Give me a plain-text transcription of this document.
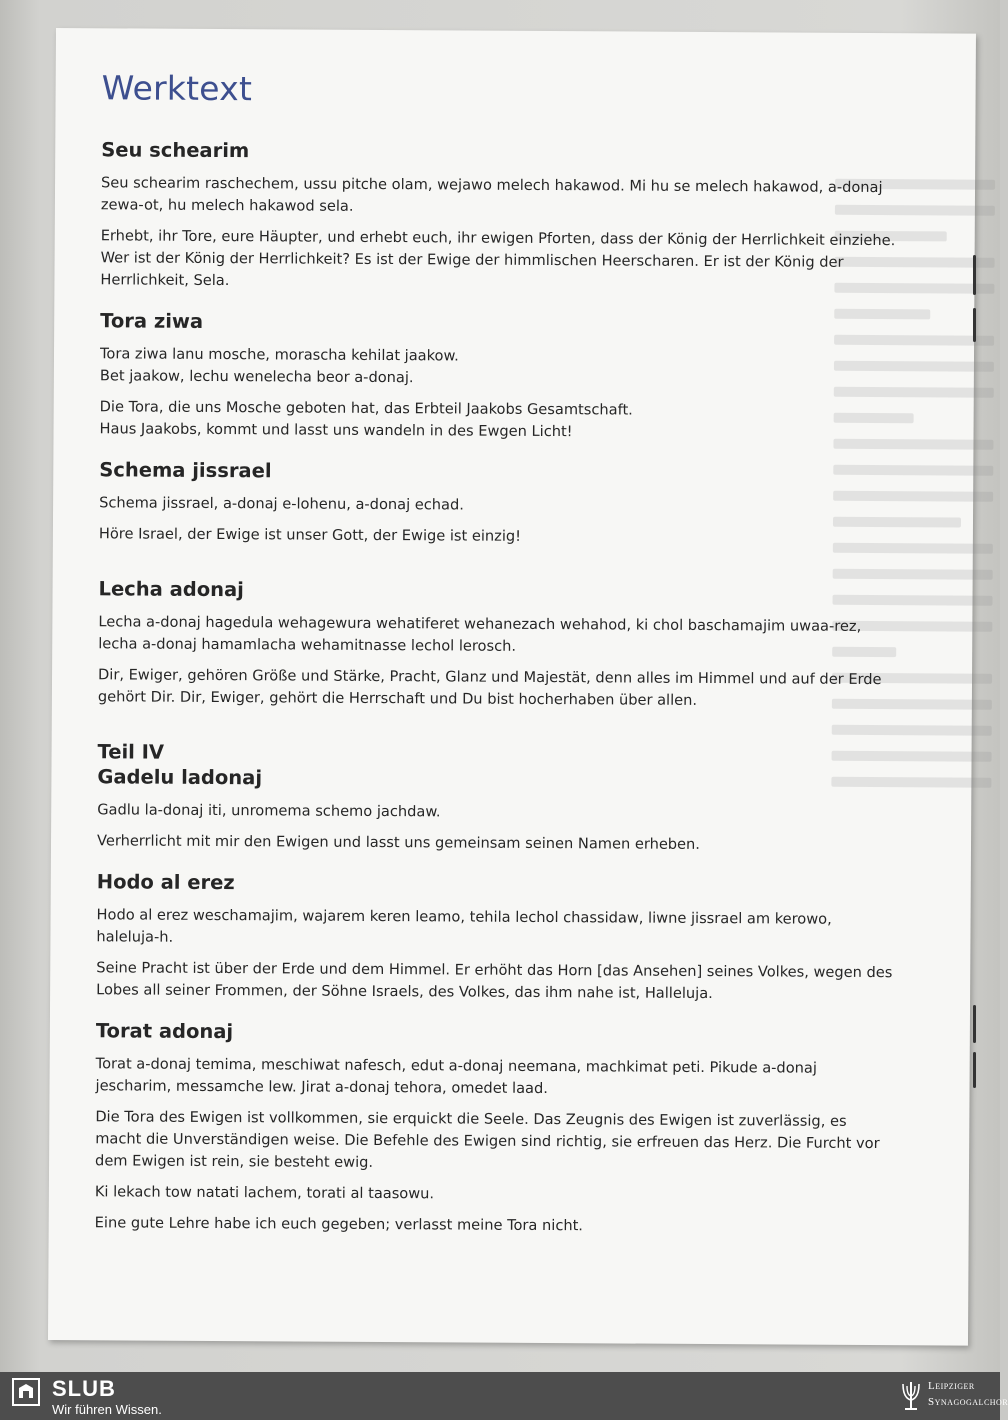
Werktext
Seu schearim

Seu schearim raschechem, ussu pitche olam, wejawo melech hakawod. Mi hu se melech hakawod, a-donaj zewa-ot, hu melech hakawod sela.

Erhebt, ihr Tore, eure Häupter, und erhebt euch, ihr ewigen Pforten, dass der König der Herrlichkeit einziehe. Wer ist der König der Herrlichkeit? Es ist der Ewige der himmlischen Heerscharen. Er ist der König der Herrlichkeit, Sela.

Tora ziwa

Tora ziwa lanu mosche, morascha kehilat jaakow.
Bet jaakow, lechu wenelecha beor a-donaj.

Die Tora, die uns Mosche geboten hat, das Erbteil Jaakobs Gesamtschaft.
Haus Jaakobs, kommt und lasst uns wandeln in des Ewgen Licht!

Schema jissrael

Schema jissrael, a-donaj e-lohenu, a-donaj echad.

Höre Israel, der Ewige ist unser Gott, der Ewige ist einzig!

Lecha adonaj

Lecha a-donaj hagedula wehagewura wehatiferet wehanezach wehahod, ki chol baschamajim uwaa-rez, lecha a-donaj hamamlacha wehamitnasse lechol lerosch.

Dir, Ewiger, gehören Größe und Stärke, Pracht, Glanz und Majestät, denn alles im Himmel und auf der Erde gehört Dir. Dir, Ewiger, gehört die Herrschaft und Du bist hocherhaben über allen.

Teil IV
Gadelu ladonaj

Gadlu la-donaj iti, unromema schemo jachdaw.

Verherrlicht mit mir den Ewigen und lasst uns gemeinsam seinen Namen erheben.

Hodo al erez

Hodo al erez weschamajim, wajarem keren leamo, tehila lechol chassidaw, liwne jissrael am kerowo, haleluja-h.

Seine Pracht ist über der Erde und dem Himmel. Er erhöht das Horn [das Ansehen] seines Volkes, wegen des Lobes all seiner Frommen, der Söhne Israels, des Volkes, das ihm nahe ist, Halleluja.

Torat adonaj

Torat a-donaj temima, meschiwat nafesch, edut a-donaj neemana, machkimat peti. Pikude a-donaj jescharim, messamche lew. Jirat a-donaj tehora, omedet laad.

Die Tora des Ewigen ist vollkommen, sie erquickt die Seele. Das Zeugnis des Ewigen ist zuverlässig, es macht die Unverständigen weise. Die Befehle des Ewigen sind richtig, sie erfreuen das Herz. Die Furcht vor dem Ewigen ist rein, sie besteht ewig.

Ki lekach tow natati lachem, torati al taasowu.

Eine gute Lehre habe ich euch gegeben; verlasst meine Tora nicht.

SLUB
Wir führen Wissen.
Leipziger
Synagogalchor
